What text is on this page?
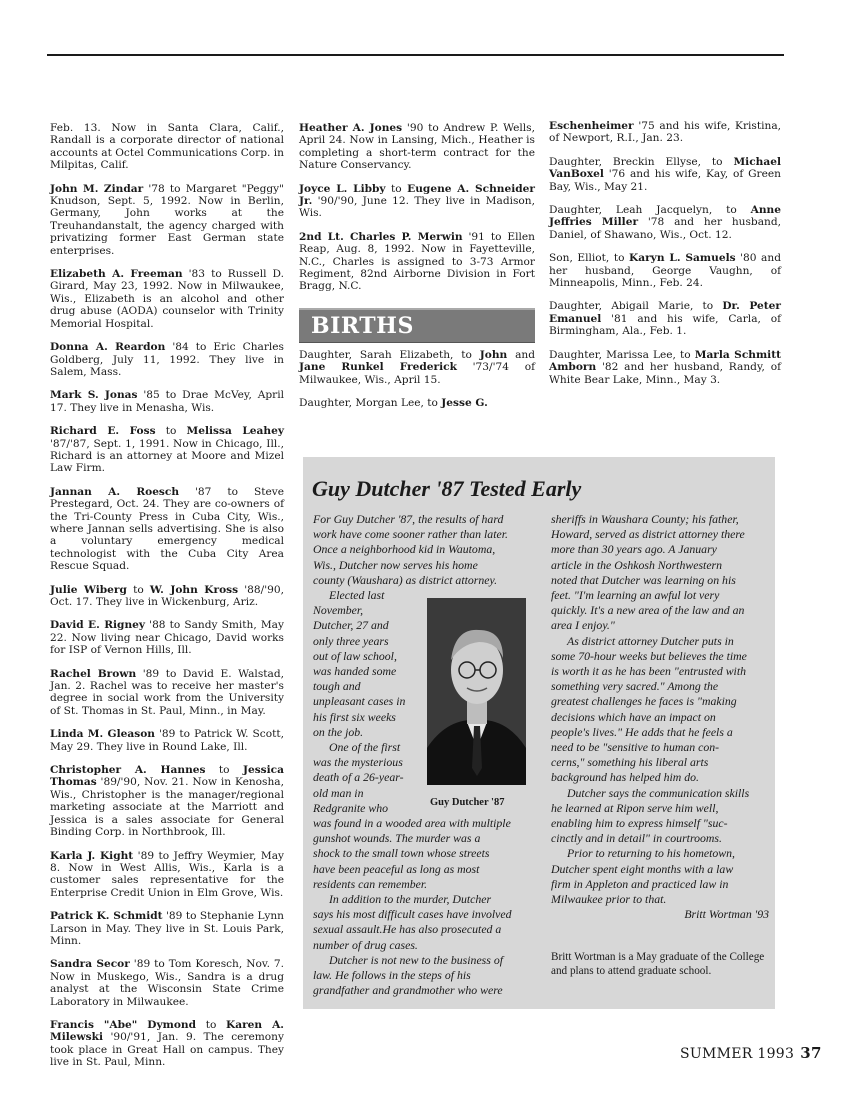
Feb. 13. Now in Santa Clara, Calif., Randall is a corporate director of national accounts at Octel Communications Corp. in Milpitas, Calif.

John M. Zindar '78 to Margaret "Peggy" Knudson, Sept. 5, 1992. Now in Berlin, Germany, John works at the Treuhandanstalt, the agency charged with privatizing former East German state enterprises.

Elizabeth A. Freeman '83 to Russell D. Girard, May 23, 1992. Now in Milwaukee, Wis., Elizabeth is an alcohol and other drug abuse (AODA) counselor with Trinity Memorial Hospital.

Donna A. Reardon '84 to Eric Charles Goldberg, July 11, 1992. They live in Salem, Mass.

Mark S. Jonas '85 to Drae McVey, April 17. They live in Menasha, Wis.

Richard E. Foss to Melissa Leahey '87/'87, Sept. 1, 1991. Now in Chicago, Ill., Richard is an attorney at Moore and Mizel Law Firm.

Jannan A. Roesch '87 to Steve Prestegard, Oct. 24. They are co-owners of the Tri-County Press in Cuba City, Wis., where Jannan sells advertising. She is also a voluntary emergency medical technologist with the Cuba City Area Rescue Squad.

Julie Wiberg to W. John Kross '88/'90, Oct. 17. They live in Wickenburg, Ariz.

David E. Rigney '88 to Sandy Smith, May 22. Now living near Chicago, David works for ISP of Vernon Hills, Ill.

Rachel Brown '89 to David E. Walstad, Jan. 2. Rachel was to receive her master's degree in social work from the University of St. Thomas in St. Paul, Minn., in May.

Linda M. Gleason '89 to Patrick W. Scott, May 29. They live in Round Lake, Ill.

Christopher A. Hannes to Jessica Thomas '89/'90, Nov. 21. Now in Kenosha, Wis., Christopher is the manager/regional marketing associate at the Marriott and Jessica is a sales associate for General Binding Corp. in Northbrook, Ill.

Karla J. Kight '89 to Jeffry Weymier, May 8. Now in West Allis, Wis., Karla is a customer sales representative for the Enterprise Credit Union in Elm Grove, Wis.

Patrick K. Schmidt '89 to Stephanie Lynn Larson in May. They live in St. Louis Park, Minn.

Sandra Secor '89 to Tom Koresch, Nov. 7. Now in Muskego, Wis., Sandra is a drug analyst at the Wisconsin State Crime Laboratory in Milwaukee.

Francis "Abe" Dymond to Karen A. Milewski '90/'91, Jan. 9. The ceremony took place in Great Hall on campus. They live in St. Paul, Minn.

Heather A. Jones '90 to Andrew P. Wells, April 24. Now in Lansing, Mich., Heather is completing a short-term contract for the Nature Conservancy.

Joyce L. Libby to Eugene A. Schneider Jr. '90/'90, June 12. They live in Madison, Wis.

2nd Lt. Charles P. Merwin '91 to Ellen Reap, Aug. 8, 1992. Now in Fayetteville, N.C., Charles is assigned to 3-73 Armor Regiment, 82nd Airborne Division in Fort Bragg, N.C.

BIRTHS

Daughter, Sarah Elizabeth, to John and Jane Runkel Frederick '73/'74 of Milwaukee, Wis., April 15.

Daughter, Morgan Lee, to Jesse G.

Eschenheimer '75 and his wife, Kristina, of Newport, R.I., Jan. 23.

Daughter, Breckin Ellyse, to Michael VanBoxel '76 and his wife, Kay, of Green Bay, Wis., May 21.

Daughter, Leah Jacquelyn, to Anne Jeffries Miller '78 and her husband, Daniel, of Shawano, Wis., Oct. 12.

Son, Elliot, to Karyn L. Samuels '80 and her husband, George Vaughn, of Minneapolis, Minn., Feb. 24.

Daughter, Abigail Marie, to Dr. Peter Emanuel '81 and his wife, Carla, of Birmingham, Ala., Feb. 1.

Daughter, Marissa Lee, to Marla Schmitt Amborn '82 and her husband, Randy, of White Bear Lake, Minn., May 3.

Guy Dutcher '87 Tested Early

For Guy Dutcher '87, the results of hard

work have come sooner rather than later.

Once a neighborhood kid in Wautoma,

Wis., Dutcher now serves his home

county (Waushara) as district attorney.

Elected last

November,

Dutcher, 27 and

only three years

out of law school,

was handed some

tough and

unpleasant cases in

his first six weeks

on the job.

One of the first

was the mysterious

death of a 26-year-

old man in

Redgranite who

was found in a wooded area with multiple

gunshot wounds. The murder was a

shock to the small town whose streets

have been peaceful as long as most

residents can remember.

In addition to the murder, Dutcher

says his most difficult cases have involved

sexual assault.He has also prosecuted a

number of drug cases.

Dutcher is not new to the business of

law. He follows in the steps of his

grandfather and grandmother who were

sheriffs in Waushara County; his father,

Howard, served as district attorney there

more than 30 years ago. A January

article in the Oshkosh Northwestern

noted that Dutcher was learning on his

feet. "I'm learning an awful lot very

quickly. It's a new area of the law and an

area I enjoy."

As district attorney Dutcher puts in

some 70-hour weeks but believes the time

is worth it as he has been "entrusted with

something very sacred." Among the

greatest challenges he faces is "making

decisions which have an impact on

people's lives." He adds that he feels a

need to be "sensitive to human con-

cerns," something his liberal arts

background has helped him do.

Dutcher says the communication skills

he learned at Ripon serve him well,

enabling him to express himself "suc-

cinctly and in detail" in courtrooms.

Prior to returning to his hometown,

Dutcher spent eight months with a law

firm in Appleton and practiced law in

Milwaukee prior to that.

Britt Wortman '93

Britt Wortman is a May graduate of the College and plans to attend graduate school.

Guy Dutcher '87
SUMMER 1993 37
